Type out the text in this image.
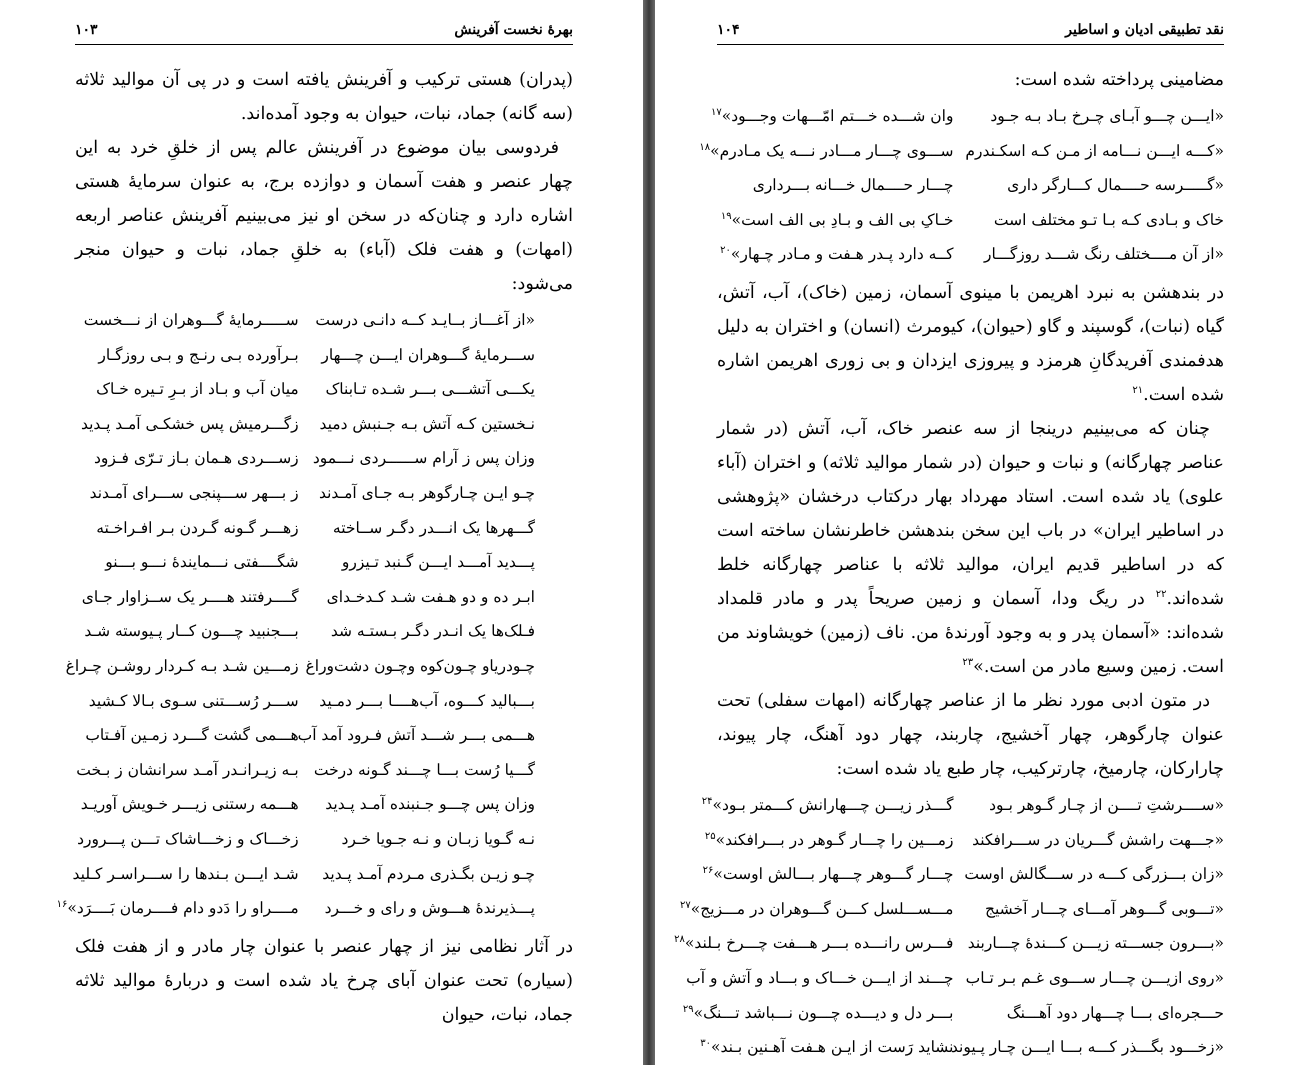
بهرهٔ نخست آفرینش
۱۰۳

(پدران) هستی ترکیب و آفرینش یافته است و در پی آن موالید ثلاثه (سه گانه) جماد، نبات، حیوان به وجود آمده‌اند.

فردوسی بیان موضوع در آفرینش عالم پس از خلقِ خرد به این چهار عنصر و هفت آسمان و دوازده برج، به عنوان سرمایهٔ هستی اشاره دارد و چنان‌که در سخن او نیز می‌بینیم آفرینش عناصر اربعه (امهات) و هفت فلک (آباء) به خلقِ جماد، نبات و حیوان منجر می‌شود:

«از آغـــاز بــایـد کــه دانـی درست
ســـــرمایهٔ گـــوهران از نـــخست
ســـرمایهٔ گـــوهران ایـــن چـــهار
بـرآورده بـی رنـج و بـی روزگـار
یکـــی آتشـــی بـــر شـده تـابناک
میان آب و بـاد از بـرِ تـیره خـاک
نـخستین کـه آتش بـه جـنبش دمید
زگـــرمیش پس خشکـی آمـد پـدید
وزان پس ز آرام ســــــردی نـــمود
زســـردی هـمان بـاز تـرّی فـزود
چـو ایـن چـارگوهر بـه جـای آمـدند
ز بـــهر ســـپنجی ســـرای آمـدند
گـــهرها یک انـــدر دگـر ســاخته
زهـــر گـونه گـردن بـر افـراخـته
پـــدید آمـــد ایـــن گـنبد تـیزرو
شگــــفتی نـــمایندهٔ نـــو بـــنو
ابـر ده و دو هـفت شـد کـدخـدای
گــــرفتند هــــر یک ســزاوار جـای
فـلک‌ها یک انـدر دگـر بـستـه شد
بـــجنبید چـــون کــار پـیوسته شـد
چـودریاو چـون‌کوه وچـون دشت‌وراغ
زمـــین شـد بـه کـردار روشـن چـراغ
بـــبالید کـــوه، آب‌هــــا بـــر دمـید
ســـر رُســـتنی سـوی بـالا کـشید
هـــمی بـــر شـــد آتش فـرود آمد آب
هـــمی گشت گـــرد زمـین آفـتاب
گـــیا رُست بـــا چـــند گـونه درخت
بـه زیـرانـدر آمـد سرانشان ز بـخت
وزان پس چـــو جـنبنده آمـد پـدید
هـــمه رستنی زیـــر خـویش آوریـد
نـه گـویا زبـان و نـه جـویا خـرد
زخـــاک و زخـــاشاک تـــن پـــرورد
چـو زیـن بگـذری مـردم آمـد پـدید
شـد ایـــن بـندها را ســـراسـر کـلید
پـــذیرندهٔ هـــوش و رای و خـــرد
مــــراو را دَدو دام فــــرمان بَــــرَد»$^{۱۶}$

در آثار نظامی نیز از چهار عنصر با عنوان چار مادر و از هفت فلک (سیاره) تحت عنوان آبای چرخ یاد شده است و دربارهٔ موالید ثلاثه جماد، نبات، حیوان

نقد تطبیقی ادیان و اساطیر
۱۰۴

مضامینی پرداخته شده است:

«ایـــن چـــو آبـای چـرخ بـاد بـه جـود
وان شـــده خـــتم امّـــهات وجـــود»$^{۱۷}$
«کـــه ایـــن نـــامه از مـن کـه اسکـندرم
ســـوی چـــار مـــادر نـــه یک مـادرم»$^{۱۸}$
«گـــــرسه حــــمال کـــارگر داری
چـــار حــــمال خـــانه بـــرداری
خاک و بـادی کـه بـا تـو مختلف است
خـاکِ بی الف و بـادِ بی الف است»$^{۱۹}$
«از آن مــــختلف رنگ شـــد روزگـــار
کــه دارد پـدر هـفت و مـادر چـهار»$^{۲۰}$

در بندهشن به نبرد اهریمن با مینوی آسمان، زمین (خاک)، آب، آتش، گیاه (نبات)، گوسپند و گاو (حیوان)، کیومرث (انسان) و اختران به دلیل هدفمندی آفریدگانِ هرمزد و پیروزی ایزدان و بی زوری اهریمن اشاره شده است.$^{۲۱}$

چنان که می‌بینیم درینجا از سه عنصر خاک، آب، آتش (در شمار عناصر چهارگانه) و نبات و حیوان (در شمار موالید ثلاثه) و اختران (آباء علوی) یاد شده است. استاد مهرداد بهار درکتاب درخشان «پژوهشی در اساطیر ایران» در باب این سخن بندهشن خاطرنشان ساخته است که در اساطیر قدیم ایران، موالید ثلاثه با عناصر چهارگانه خلط شده‌اند.$^{۲۲}$ در ریگ ودا، آسمان و زمین صریحاً پدر و مادر قلمداد شده‌اند: «آسمان پدر و به وجود آورندهٔ من. ناف (زمین) خویشاوند من است. زمین وسیع مادر من است.»$^{۲۳}$

در متون ادبی مورد نظر ما از عناصر چهارگانه (امهات سفلی) تحت عنوان چارگوهر، چهار آخشیج، چاربند، چهار دود آهنگ، چار پیوند، چارارکان، چارمیخ، چارترکیب، چار طبع یاد شده است:

«ســــرشتِ تــــن از چـار گـوهر بـود
گـــذر زیـــن چـــهارانش کـــمتر بـود»$^{۲۴}$
«جـــهت راشش گـــریان در ســـرافکند
زمـــین را چـــار گـوهر در بـــرافکند»$^{۲۵}$
«زان بـــزرگی کـــه در ســـگالش اوست
چـــار گـــوهر چـــهار بـــالش اوست»$^{۲۶}$
«تـــوبی گـــوهر آمـــای چـــار آخشیج
مـــســـلسل کـــن گـــوهران در مـــزیج»$^{۲۷}$
«بـــرون جســـته زیـــن کـــندهٔ چـــاربند
فـــرس رانـــده بـــر هـــفت چـــرخ بـلند»$^{۲۸}$
«روی ازیـــن چـــار ســـوی غـم بـر تـاب
چـــند از ایـــن خـــاک و بـــاد و آتش و آب
حـــجره‌ای بـــا چـــهار دود آهـــنگ
بـــر دل و دیـــده چـــون نـــباشد تـــنگ»$^{۲۹}$
«زخـــود بگـــذر کـــه بـــا ایـــن چـار پـیوند
نشاید رَست از ایـن هـفت آهـنین بـند»$^{۳۰}$
